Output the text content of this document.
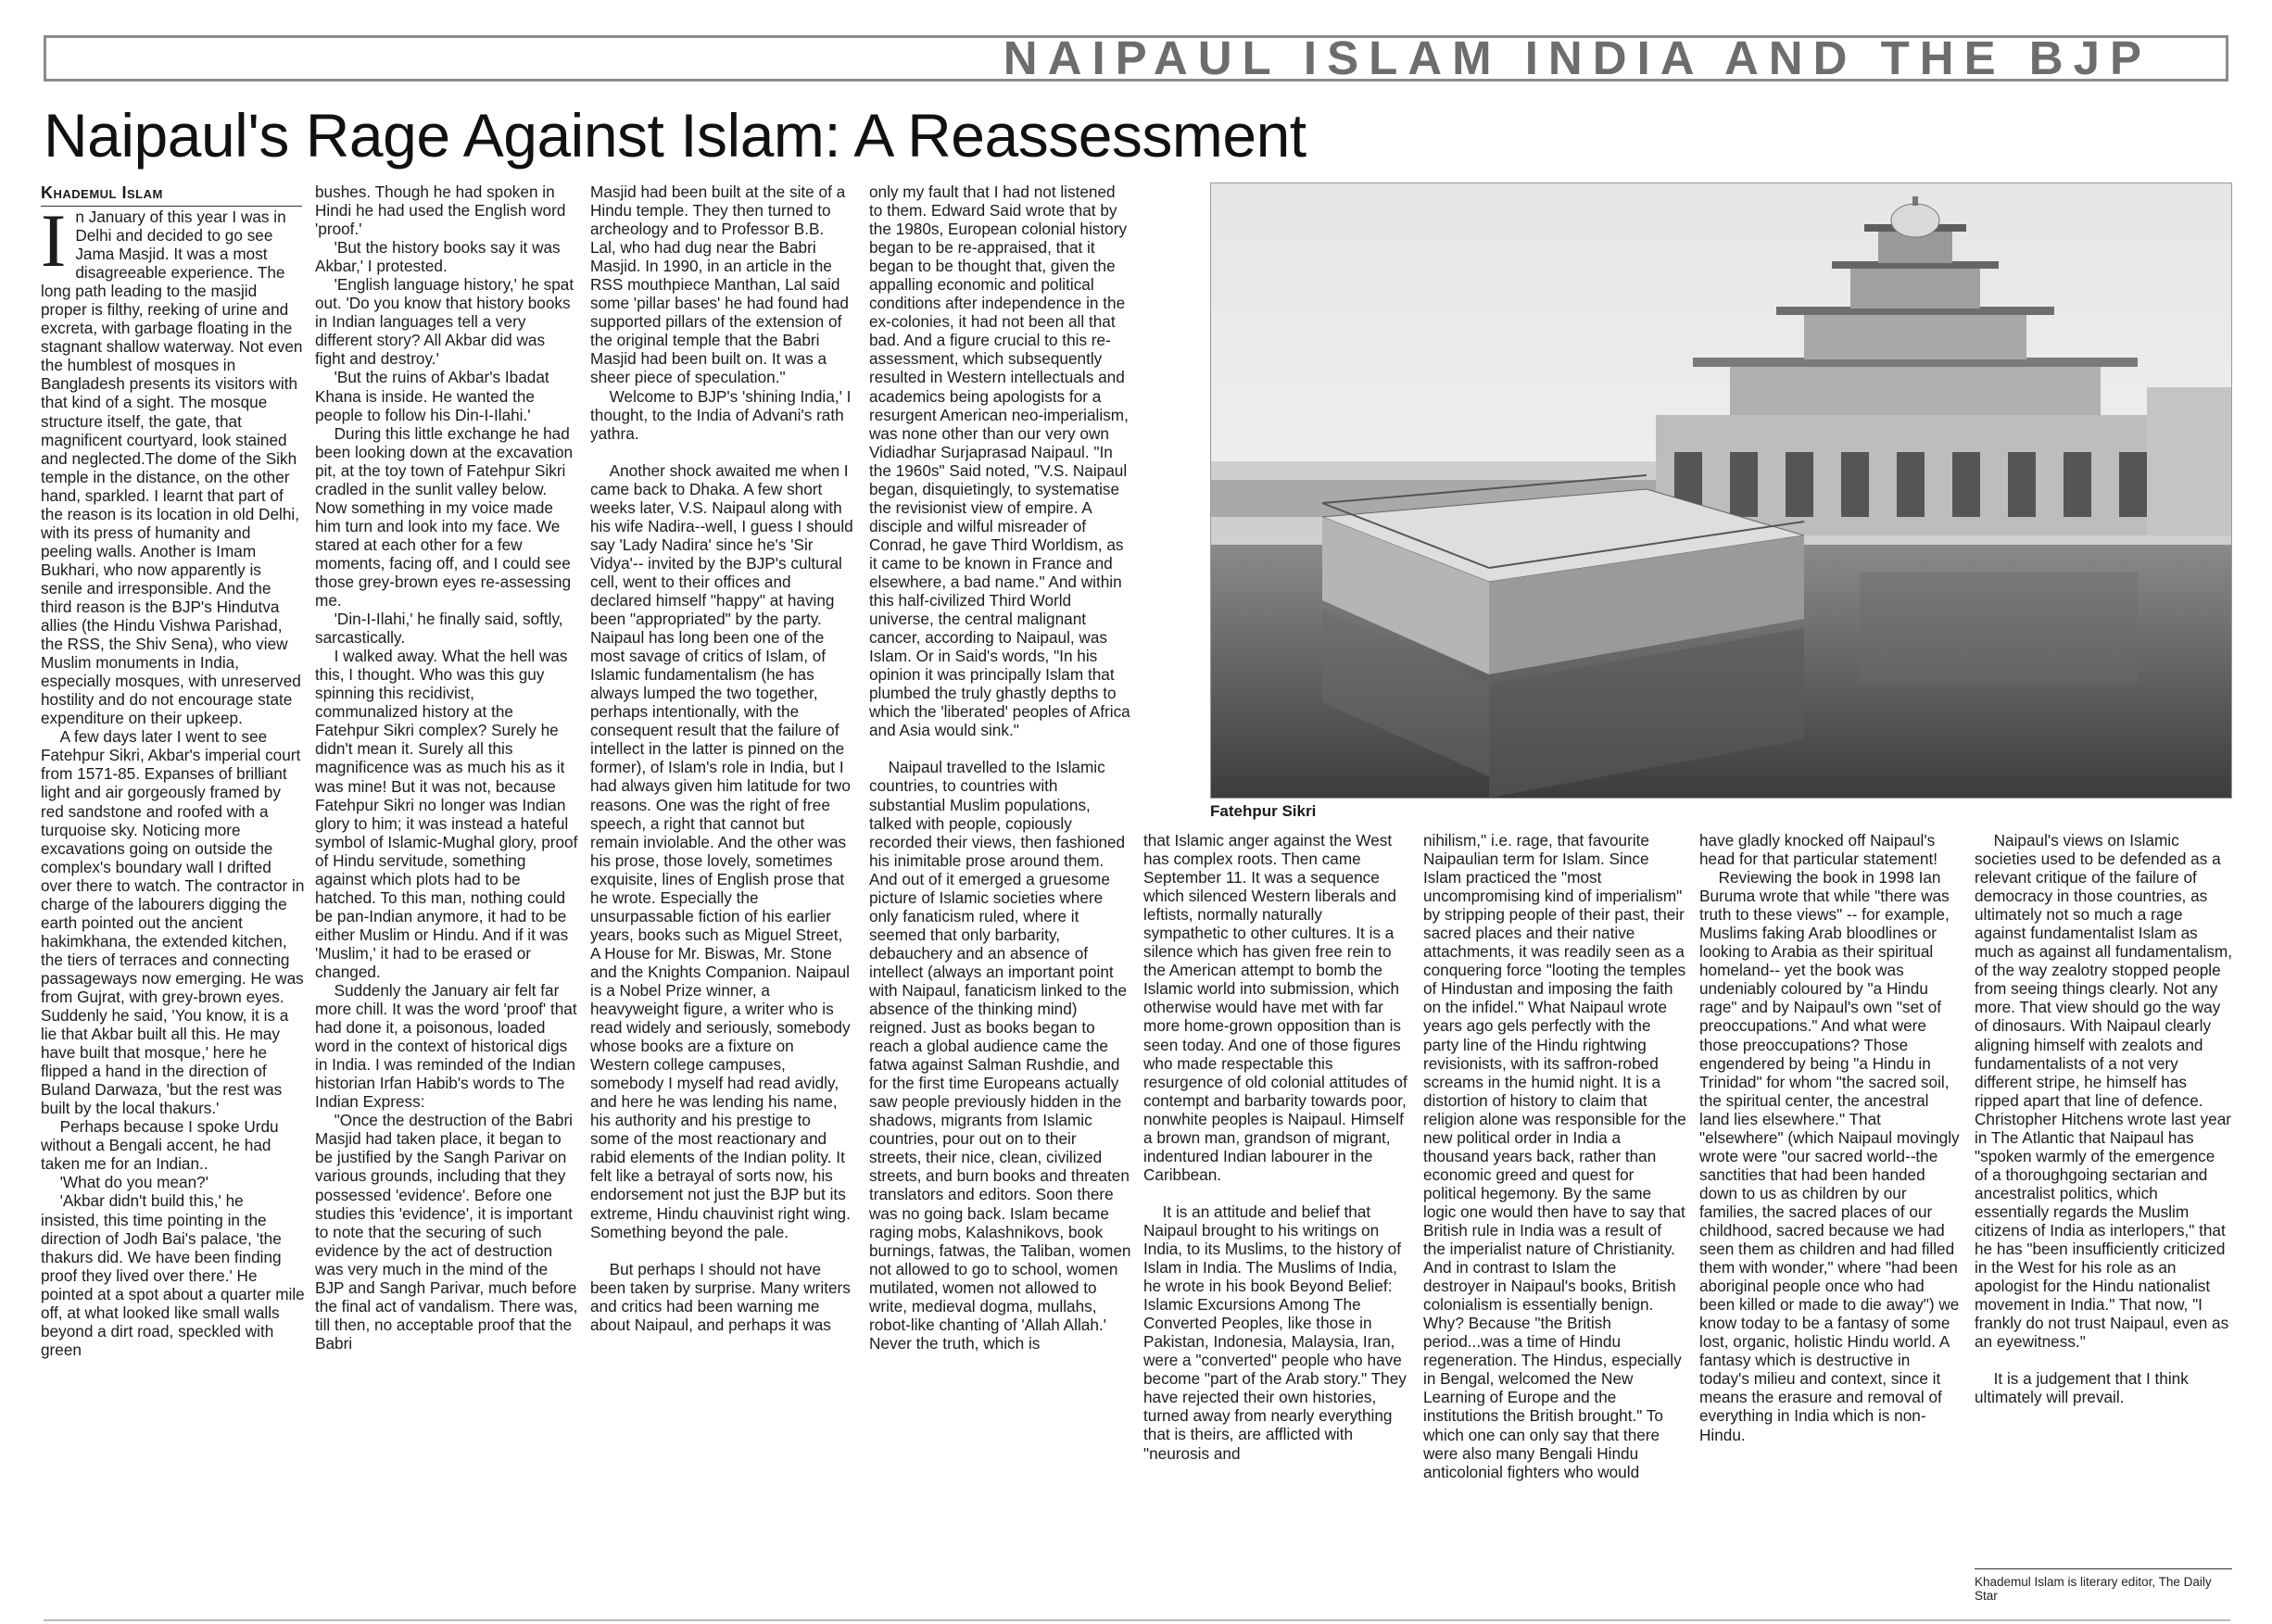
NAIPAUL ISLAM INDIA AND THE BJP
Naipaul's Rage Against Islam: A Reassessment
Khademul Islam

In January of this year I was in Delhi and decided to go see Jama Masjid. It was a most disagreeable experience. The long path leading to the masjid proper is filthy, reeking of urine and excreta, with garbage floating in the stagnant shallow waterway. Not even the humblest of mosques in Bangladesh presents its visitors with that kind of a sight. The mosque structure itself, the gate, that magnificent courtyard, look stained and neglected.The dome of the Sikh temple in the distance, on the other hand, sparkled. I learnt that part of the reason is its location in old Delhi, with its press of humanity and peeling walls. Another is Imam Bukhari, who now apparently is senile and irresponsible. And the third reason is the BJP's Hindutva allies (the Hindu Vishwa Parishad, the RSS, the Shiv Sena), who view Muslim monuments in India, especially mosques, with unreserved hostility and do not encourage state expenditure on their upkeep.

A few days later I went to see Fatehpur Sikri, Akbar's imperial court from 1571-85. Expanses of brilliant light and air gorgeously framed by red sandstone and roofed with a turquoise sky. Noticing more excavations going on outside the complex's boundary wall I drifted over there to watch. The contractor in charge of the labourers digging the earth pointed out the ancient hakimkhana, the extended kitchen, the tiers of terraces and connecting passageways now emerging. He was from Gujrat, with grey-brown eyes. Suddenly he said, 'You know, it is a lie that Akbar built all this. He may have built that mosque,' here he flipped a hand in the direction of Buland Darwaza, 'but the rest was built by the local thakurs.'

Perhaps because I spoke Urdu without a Bengali accent, he had taken me for an Indian..

'What do you mean?'

'Akbar didn't build this,' he insisted, this time pointing in the direction of Jodh Bai's palace, 'the thakurs did. We have been finding proof they lived over there.' He pointed at a spot about a quarter mile off, at what looked like small walls beyond a dirt road, speckled with green

bushes. Though he had spoken in Hindi he had used the English word 'proof.'

'But the history books say it was Akbar,' I protested.

'English language history,' he spat out. 'Do you know that history books in Indian languages tell a very different story? All Akbar did was fight and destroy.'

'But the ruins of Akbar's Ibadat Khana is inside. He wanted the people to follow his Din-I-Ilahi.'

During this little exchange he had been looking down at the excavation pit, at the toy town of Fatehpur Sikri cradled in the sunlit valley below. Now something in my voice made him turn and look into my face. We stared at each other for a few moments, facing off, and I could see those grey-brown eyes re-assessing me.

'Din-I-Ilahi,' he finally said, softly, sarcastically.

I walked away. What the hell was this, I thought. Who was this guy spinning this recidivist, communalized history at the Fatehpur Sikri complex? Surely he didn't mean it. Surely all this magnificence was as much his as it was mine! But it was not, because Fatehpur Sikri no longer was Indian glory to him; it was instead a hateful symbol of Islamic-Mughal glory, proof of Hindu servitude, something against which plots had to be hatched. To this man, nothing could be pan-Indian anymore, it had to be either Muslim or Hindu. And if it was 'Muslim,' it had to be erased or changed.

Suddenly the January air felt far more chill. It was the word 'proof' that had done it, a poisonous, loaded word in the context of historical digs in India. I was reminded of the Indian historian Irfan Habib's words to The Indian Express:

"Once the destruction of the Babri Masjid had taken place, it began to be justified by the Sangh Parivar on various grounds, including that they possessed 'evidence'. Before one studies this 'evidence', it is important to note that the securing of such evidence by the act of destruction was very much in the mind of the BJP and Sangh Parivar, much before the final act of vandalism. There was, till then, no acceptable proof that the Babri

Masjid had been built at the site of a Hindu temple. They then turned to archeology and to Professor B.B. Lal, who had dug near the Babri Masjid. In 1990, in an article in the RSS mouthpiece Manthan, Lal said some 'pillar bases' he had found had supported pillars of the extension of the original temple that the Babri Masjid had been built on. It was a sheer piece of speculation."

Welcome to BJP's 'shining India,' I thought, to the India of Advani's rath yathra.

Another shock awaited me when I came back to Dhaka. A few short weeks later, V.S. Naipaul along with his wife Nadira--well, I guess I should say 'Lady Nadira' since he's 'Sir Vidya'-- invited by the BJP's cultural cell, went to their offices and declared himself "happy" at having been "appropriated" by the party. Naipaul has long been one of the most savage of critics of Islam, of Islamic fundamentalism (he has always lumped the two together, perhaps intentionally, with the consequent result that the failure of intellect in the latter is pinned on the former), of Islam's role in India, but I had always given him latitude for two reasons. One was the right of free speech, a right that cannot but remain inviolable. And the other was his prose, those lovely, sometimes exquisite, lines of English prose that he wrote. Especially the unsurpassable fiction of his earlier years, books such as Miguel Street, A House for Mr. Biswas, Mr. Stone and the Knights Companion. Naipaul is a Nobel Prize winner, a heavyweight figure, a writer who is read widely and seriously, somebody whose books are a fixture on Western college campuses, somebody I myself had read avidly, and here he was lending his name, his authority and his prestige to some of the most reactionary and rabid elements of the Indian polity. It felt like a betrayal of sorts now, his endorsement not just the BJP but its extreme, Hindu chauvinist right wing. Something beyond the pale.

But perhaps I should not have been taken by surprise. Many writers and critics had been warning me about Naipaul, and perhaps it was

only my fault that I had not listened to them. Edward Said wrote that by the 1980s, European colonial history began to be re-appraised, that it began to be thought that, given the appalling economic and political conditions after independence in the ex-colonies, it had not been all that bad. And a figure crucial to this re-assessment, which subsequently resulted in Western intellectuals and academics being apologists for a resurgent American neo-imperialism, was none other than our very own Vidiadhar Surjaprasad Naipaul. "In the 1960s" Said noted, "V.S. Naipaul began, disquietingly, to systematise the revisionist view of empire. A disciple and wilful misreader of Conrad, he gave Third Worldism, as it came to be known in France and elsewhere, a bad name." And within this half-civilized Third World universe, the central malignant cancer, according to Naipaul, was Islam. Or in Said's words, "In his opinion it was principally Islam that plumbed the truly ghastly depths to which the 'liberated' peoples of Africa and Asia would sink."

Naipaul travelled to the Islamic countries, to countries with substantial Muslim populations, talked with people, copiously recorded their views, then fashioned his inimitable prose around them. And out of it emerged a gruesome picture of Islamic societies where only fanaticism ruled, where it seemed that only barbarity, debauchery and an absence of intellect (always an important point with Naipaul, fanaticism linked to the absence of the thinking mind) reigned. Just as books began to reach a global audience came the fatwa against Salman Rushdie, and for the first time Europeans actually saw people previously hidden in the shadows, migrants from Islamic countries, pour out on to their streets, their nice, clean, civilized streets, and burn books and threaten translators and editors. Soon there was no going back. Islam became raging mobs, Kalashnikovs, book burnings, fatwas, the Taliban, women not allowed to go to school, women mutilated, women not allowed to write, medieval dogma, mullahs, robot-like chanting of 'Allah Allah.' Never the truth, which is

Fatehpur Sikri

that Islamic anger against the West has complex roots. Then came September 11. It was a sequence which silenced Western liberals and leftists, normally naturally sympathetic to other cultures. It is a silence which has given free rein to the American attempt to bomb the Islamic world into submission, which otherwise would have met with far more home-grown opposition than is seen today. And one of those figures who made respectable this resurgence of old colonial attitudes of contempt and barbarity towards poor, nonwhite peoples is Naipaul. Himself a brown man, grandson of migrant, indentured Indian labourer in the Caribbean.

It is an attitude and belief that Naipaul brought to his writings on India, to its Muslims, to the history of Islam in India. The Muslims of India, he wrote in his book Beyond Belief: Islamic Excursions Among The Converted Peoples, like those in Pakistan, Indonesia, Malaysia, Iran, were a "converted" people who have become "part of the Arab story." They have rejected their own histories, turned away from nearly everything that is theirs, are afflicted with "neurosis and

nihilism," i.e. rage, that favourite Naipaulian term for Islam. Since Islam practiced the "most uncompromising kind of imperialism" by stripping people of their past, their sacred places and their native attachments, it was readily seen as a conquering force "looting the temples of Hindustan and imposing the faith on the infidel." What Naipaul wrote years ago gels perfectly with the party line of the Hindu rightwing revisionists, with its saffron-robed screams in the humid night. It is a distortion of history to claim that religion alone was responsible for the new political order in India a thousand years back, rather than economic greed and quest for political hegemony. By the same logic one would then have to say that British rule in India was a result of the imperialist nature of Christianity. And in contrast to Islam the destroyer in Naipaul's books, British colonialism is essentially benign. Why? Because "the British period...was a time of Hindu regeneration. The Hindus, especially in Bengal, welcomed the New Learning of Europe and the institutions the British brought." To which one can only say that there were also many Bengali Hindu anticolonial fighters who would

have gladly knocked off Naipaul's head for that particular statement!

Reviewing the book in 1998 Ian Buruma wrote that while "there was truth to these views" -- for example, Muslims faking Arab bloodlines or looking to Arabia as their spiritual homeland-- yet the book was undeniably coloured by "a Hindu rage" and by Naipaul's own "set of preoccupations." And what were those preoccupations? Those engendered by being "a Hindu in Trinidad" for whom "the sacred soil, the spiritual center, the ancestral land lies elsewhere." That "elsewhere" (which Naipaul movingly wrote were "our sacred world--the sanctities that had been handed down to us as children by our families, the sacred places of our childhood, sacred because we had seen them as children and had filled them with wonder," where "had been aboriginal people once who had been killed or made to die away") we know today to be a fantasy of some lost, organic, holistic Hindu world. A fantasy which is destructive in today's milieu and context, since it means the erasure and removal of everything in India which is non-Hindu.

Naipaul's views on Islamic societies used to be defended as a relevant critique of the failure of democracy in those countries, as ultimately not so much a rage against fundamentalist Islam as much as against all fundamentalism, of the way zealotry stopped people from seeing things clearly. Not any more. That view should go the way of dinosaurs. With Naipaul clearly aligning himself with zealots and fundamentalists of a not very different stripe, he himself has ripped apart that line of defence. Christopher Hitchens wrote last year in The Atlantic that Naipaul has "spoken warmly of the emergence of a thoroughgoing sectarian and ancestralist politics, which essentially regards the Muslim citizens of India as interlopers," that he has "been insufficiently criticized in the West for his role as an apologist for the Hindu nationalist movement in India." That now, "I frankly do not trust Naipaul, even as an eyewitness."

It is a judgement that I think ultimately will prevail.

Khademul Islam is literary editor, The Daily Star
